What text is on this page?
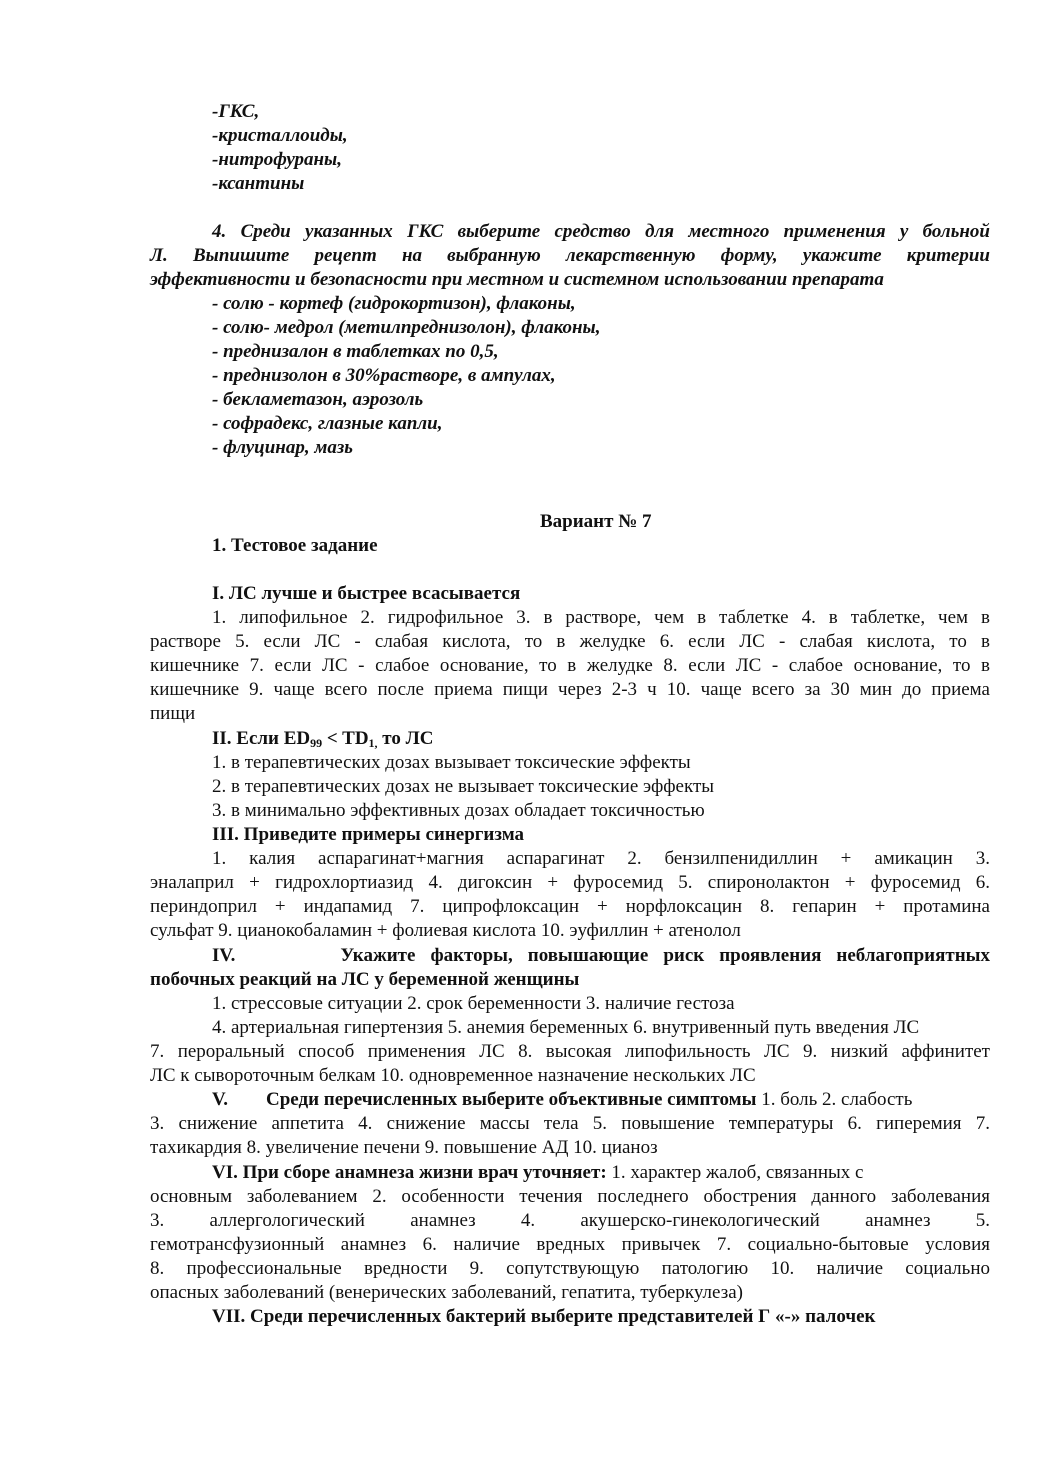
-ГКС,
-кристаллоиды,
-нитрофураны,
-ксантины
4. Среди указанных ГКС выберите средство для местного применения у больной
Л. Выпишите рецепт на выбранную лекарственную форму, укажите критерии
эффективности и безопасности при местном и системном использовании препарата
- солю - кортеф (гидрокортизон), флаконы,
- солю- медрол (метилпреднизолон), флаконы,
- преднизалон в таблетках по 0,5,
- преднизолон в 30%растворе, в ампулах,
- бекламетазон, аэрозоль
- софрадекс, глазные капли,
- флуцинар, мазь
Вариант № 7
1. Тестовое задание
I. ЛС лучше и быстрее всасывается
1. липофильное 2. гидрофильное 3. в растворе, чем в таблетке 4. в таблетке, чем в
растворе 5. если ЛС - слабая кислота, то в желудке 6. если ЛС - слабая кислота, то в
кишечнике 7. если ЛС - слабое основание, то в желудке 8. если ЛС - слабое основание, то в
кишечнике 9. чаще всего после приема пищи через 2-3 ч 10. чаще всего за 30 мин до приема
пищи
II. Если $ED_{99} < TD_{1,}$ то ЛС
1. в терапевтических дозах вызывает токсические эффекты
2. в терапевтических дозах не вызывает токсические эффекты
3. в минимально эффективных дозах обладает токсичностью
III. Приведите примеры синергизма
1. калия аспарагинат+магния аспарагинат 2. бензилпенидиллин + амикацин 3.
эналаприл + гидрохлортиазид 4. дигоксин + фуросемид 5. спиронолактон + фуросемид 6.
периндоприл + индапамид 7. ципрофлоксацин + норфлоксацин 8. гепарин + протамина
сульфат 9. цианокобаламин + фолиевая кислота 10. эуфиллин + атенолол
IV.       Укажите факторы, повышающие риск проявления неблагоприятных
побочных реакций на ЛС у беременной женщины
1. стрессовые ситуации 2. срок беременности 3. наличие гестоза
4. артериальная гипертензия 5. анемия беременных 6. внутривенный путь введения ЛС
7. пероральный способ применения ЛС 8. высокая липофильность ЛС 9. низкий аффинитет
ЛС к сывороточным белкам 10. одновременное назначение нескольких ЛС
V.        Среди перечисленных выберите объективные симптомы 1. боль 2. слабость
3. снижение аппетита 4. снижение массы тела 5. повышение температуры 6. гиперемия 7.
тахикардия 8. увеличение печени 9. повышение АД 10. цианоз
VI. При сборе анамнеза жизни врач уточняет: 1. характер жалоб, связанных с
основным заболеванием 2. особенности течения последнего обострения данного заболевания
3.    аллергологический    анамнез    4.    акушерско-гинекологический    анамнез    5.
гемотрансфузионный анамнез 6. наличие вредных привычек 7. социально-бытовые условия
8. профессиональные вредности 9. сопутствующую патологию 10. наличие социально
опасных заболеваний (венерических заболеваний, гепатита, туберкулеза)
VII. Среди перечисленных бактерий выберите представителей Г «-» палочек
